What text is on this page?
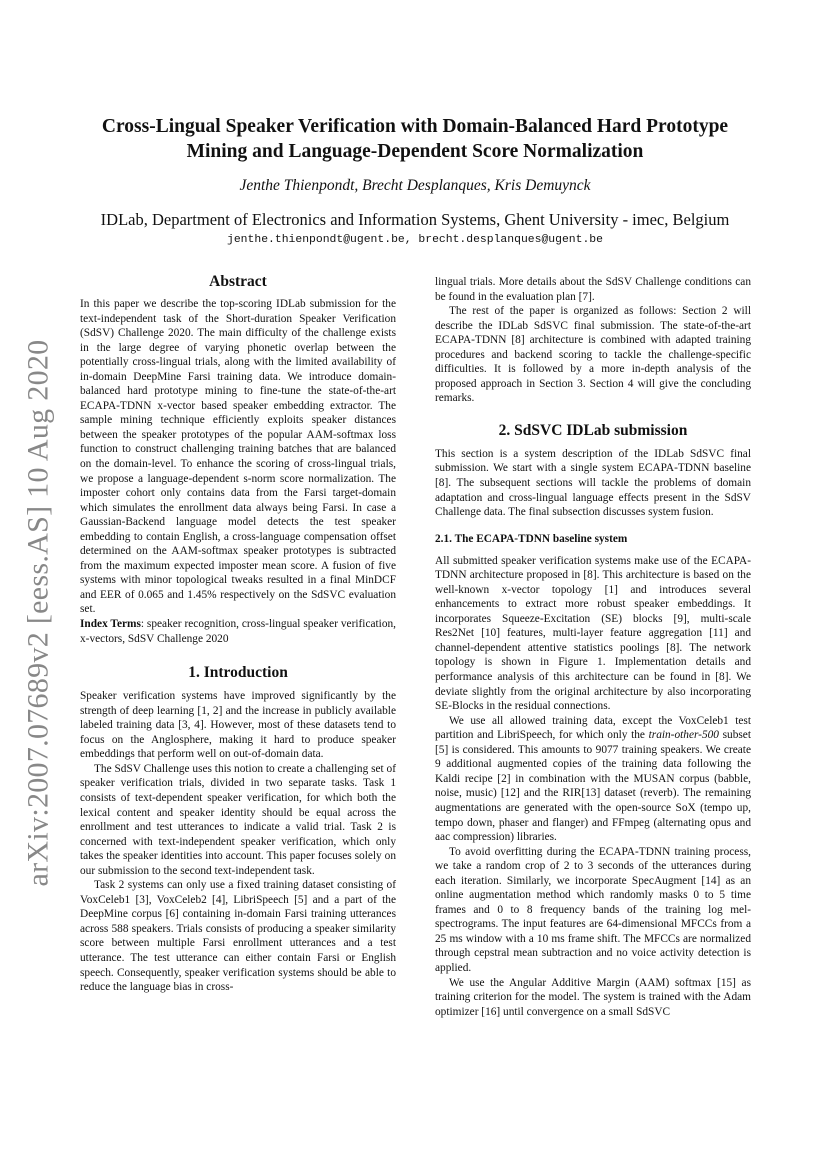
arXiv:2007.07689v2 [eess.AS] 10 Aug 2020
Cross-Lingual Speaker Verification with Domain-Balanced Hard Prototype
Mining and Language-Dependent Score Normalization
Jenthe Thienpondt, Brecht Desplanques, Kris Demuynck
IDLab, Department of Electronics and Information Systems, Ghent University - imec, Belgium
jenthe.thienpondt@ugent.be, brecht.desplanques@ugent.be
Abstract

In this paper we describe the top-scoring IDLab submission for the text-independent task of the Short-duration Speaker Verification (SdSV) Challenge 2020. The main difficulty of the challenge exists in the large degree of varying phonetic overlap between the potentially cross-lingual trials, along with the limited availability of in-domain DeepMine Farsi training data. We introduce domain-balanced hard prototype mining to fine-tune the state-of-the-art ECAPA-TDNN x-vector based speaker embedding extractor. The sample mining technique efficiently exploits speaker distances between the speaker prototypes of the popular AAM-softmax loss function to construct challenging training batches that are balanced on the domain-level. To enhance the scoring of cross-lingual trials, we propose a language-dependent s-norm score normalization. The imposter cohort only contains data from the Farsi target-domain which simulates the enrollment data always being Farsi. In case a Gaussian-Backend language model detects the test speaker embedding to contain English, a cross-language compensation offset determined on the AAM-softmax speaker prototypes is subtracted from the maximum expected imposter mean score. A fusion of five systems with minor topological tweaks resulted in a final MinDCF and EER of 0.065 and 1.45% respectively on the SdSVC evaluation set.

Index Terms: speaker recognition, cross-lingual speaker verification, x-vectors, SdSV Challenge 2020

1. Introduction

Speaker verification systems have improved significantly by the strength of deep learning [1, 2] and the increase in publicly available labeled training data [3, 4]. However, most of these datasets tend to focus on the Anglosphere, making it hard to produce speaker embeddings that perform well on out-of-domain data.

The SdSV Challenge uses this notion to create a challenging set of speaker verification trials, divided in two separate tasks. Task 1 consists of text-dependent speaker verification, for which both the lexical content and speaker identity should be equal across the enrollment and test utterances to indicate a valid trial. Task 2 is concerned with text-independent speaker verification, which only takes the speaker identities into account. This paper focuses solely on our submission to the second text-independent task.

Task 2 systems can only use a fixed training dataset consisting of VoxCeleb1 [3], VoxCeleb2 [4], LibriSpeech [5] and a part of the DeepMine corpus [6] containing in-domain Farsi training utterances across 588 speakers. Trials consists of producing a speaker similarity score between multiple Farsi enrollment utterances and a test utterance. The test utterance can either contain Farsi or English speech. Consequently, speaker verification systems should be able to reduce the language bias in cross-

lingual trials. More details about the SdSV Challenge conditions can be found in the evaluation plan [7].

The rest of the paper is organized as follows: Section 2 will describe the IDLab SdSVC final submission. The state-of-the-art ECAPA-TDNN [8] architecture is combined with adapted training procedures and backend scoring to tackle the challenge-specific difficulties. It is followed by a more in-depth analysis of the proposed approach in Section 3. Section 4 will give the concluding remarks.

2. SdSVC IDLab submission

This section is a system description of the IDLab SdSVC final submission. We start with a single system ECAPA-TDNN baseline [8]. The subsequent sections will tackle the problems of domain adaptation and cross-lingual language effects present in the SdSV Challenge data. The final subsection discusses system fusion.

2.1. The ECAPA-TDNN baseline system

All submitted speaker verification systems make use of the ECAPA-TDNN architecture proposed in [8]. This architecture is based on the well-known x-vector topology [1] and introduces several enhancements to extract more robust speaker embeddings. It incorporates Squeeze-Excitation (SE) blocks [9], multi-scale Res2Net [10] features, multi-layer feature aggregation [11] and channel-dependent attentive statistics poolings [8]. The network topology is shown in Figure 1. Implementation details and performance analysis of this architecture can be found in [8]. We deviate slightly from the original architecture by also incorporating SE-Blocks in the residual connections.

We use all allowed training data, except the VoxCeleb1 test partition and LibriSpeech, for which only the train-other-500 subset [5] is considered. This amounts to 9077 training speakers. We create 9 additional augmented copies of the training data following the Kaldi recipe [2] in combination with the MUSAN corpus (babble, noise, music) [12] and the RIR[13] dataset (reverb). The remaining augmentations are generated with the open-source SoX (tempo up, tempo down, phaser and flanger) and FFmpeg (alternating opus and aac compression) libraries.

To avoid overfitting during the ECAPA-TDNN training process, we take a random crop of 2 to 3 seconds of the utterances during each iteration. Similarly, we incorporate SpecAugment [14] as an online augmentation method which randomly masks 0 to 5 time frames and 0 to 8 frequency bands of the training log mel-spectrograms. The input features are 64-dimensional MFCCs from a 25 ms window with a 10 ms frame shift. The MFCCs are normalized through cepstral mean subtraction and no voice activity detection is applied.

We use the Angular Additive Margin (AAM) softmax [15] as training criterion for the model. The system is trained with the Adam optimizer [16] until convergence on a small SdSVC
